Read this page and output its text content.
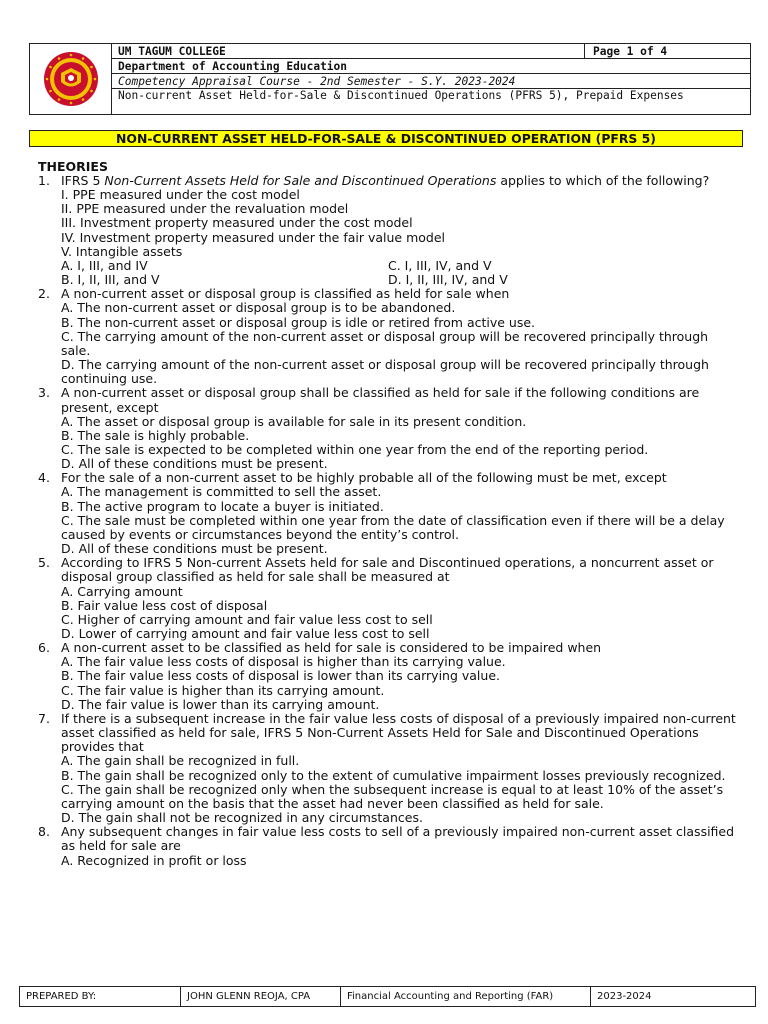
UM TAGUM COLLEGE	Page 1 of 4
Department of Accounting Education
Competency Appraisal Course - 2nd Semester - S.Y. 2023-2024
Non-current Asset Held-for-Sale & Discontinued Operations (PFRS 5), Prepaid Expenses
NON-CURRENT ASSET HELD-FOR-SALE & DISCONTINUED OPERATION (PFRS 5)
THEORIES
1. IFRS 5 Non-Current Assets Held for Sale and Discontinued Operations applies to which of the following?
I. PPE measured under the cost model
II. PPE measured under the revaluation model
III. Investment property measured under the cost model
IV. Investment property measured under the fair value model
V. Intangible assets
A. I, III, and IV	C. I, III, IV, and V
B. I, II, III, and V	D. I, II, III, IV, and V
2. A non-current asset or disposal group is classified as held for sale when
A. The non-current asset or disposal group is to be abandoned.
B. The non-current asset or disposal group is idle or retired from active use.
C. The carrying amount of the non-current asset or disposal group will be recovered principally through sale.
D. The carrying amount of the non-current asset or disposal group will be recovered principally through continuing use.
3. A non-current asset or disposal group shall be classified as held for sale if the following conditions are present, except
A. The asset or disposal group is available for sale in its present condition.
B. The sale is highly probable.
C. The sale is expected to be completed within one year from the end of the reporting period.
D. All of these conditions must be present.
4. For the sale of a non-current asset to be highly probable all of the following must be met, except
A. The management is committed to sell the asset.
B. The active program to locate a buyer is initiated.
C. The sale must be completed within one year from the date of classification even if there will be a delay caused by events or circumstances beyond the entity’s control.
D. All of these conditions must be present.
5. According to IFRS 5 Non-current Assets held for sale and Discontinued operations, a noncurrent asset or disposal group classified as held for sale shall be measured at
A. Carrying amount
B. Fair value less cost of disposal
C. Higher of carrying amount and fair value less cost to sell
D. Lower of carrying amount and fair value less cost to sell
6. A non-current asset to be classified as held for sale is considered to be impaired when
A. The fair value less costs of disposal is higher than its carrying value.
B. The fair value less costs of disposal is lower than its carrying value.
C. The fair value is higher than its carrying amount.
D. The fair value is lower than its carrying amount.
7. If there is a subsequent increase in the fair value less costs of disposal of a previously impaired non-current asset classified as held for sale, IFRS 5 Non-Current Assets Held for Sale and Discontinued Operations provides that
A. The gain shall be recognized in full.
B. The gain shall be recognized only to the extent of cumulative impairment losses previously recognized.
C. The gain shall be recognized only when the subsequent increase is equal to at least 10% of the asset’s carrying amount on the basis that the asset had never been classified as held for sale.
D. The gain shall not be recognized in any circumstances.
8. Any subsequent changes in fair value less costs to sell of a previously impaired non-current asset classified as held for sale are
A. Recognized in profit or loss
PREPARED BY:	JOHN GLENN REOJA, CPA	Financial Accounting and Reporting (FAR)	2023-2024
